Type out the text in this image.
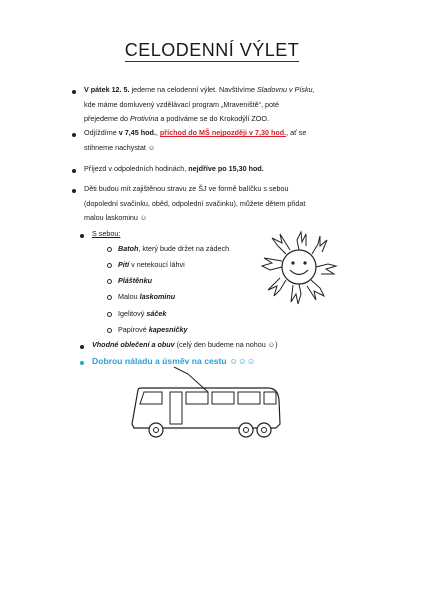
CELODENNÍ VÝLET
V pátek 12. 5. jedeme na celodenní výlet. Navštívíme Sladovnu v Písku,
kde máme domluvený vzdělávací program „Mraveniště“, poté
přejedeme do Protivína a podíváme se do Krokodýlí ZOO.
Odjíždíme v 7,45 hod., příchod do MŠ nejpozději v 7,30 hod., ať se
stihneme nachystat ☺
Příjezd v odpoledních hodinách, nejdříve po 15,30 hod.
Děti budou mít zajištěnou stravu ze ŠJ ve formě balíčku s sebou
(dopolední svačinku, oběd, odpolední svačinku), můžete dětem přidat
malou laskominu ☺
S sebou:
Batoh, který bude držet na zádech
Pití v netekoucí láhvi
Pláštěnku
Malou laskominu
Igelitový sáček
Papírové kapesníčky
Vhodné oblečení a obuv (celý den budeme na nohou ☺)
Dobrou náladu a úsměv na cestu ☺☺☺
